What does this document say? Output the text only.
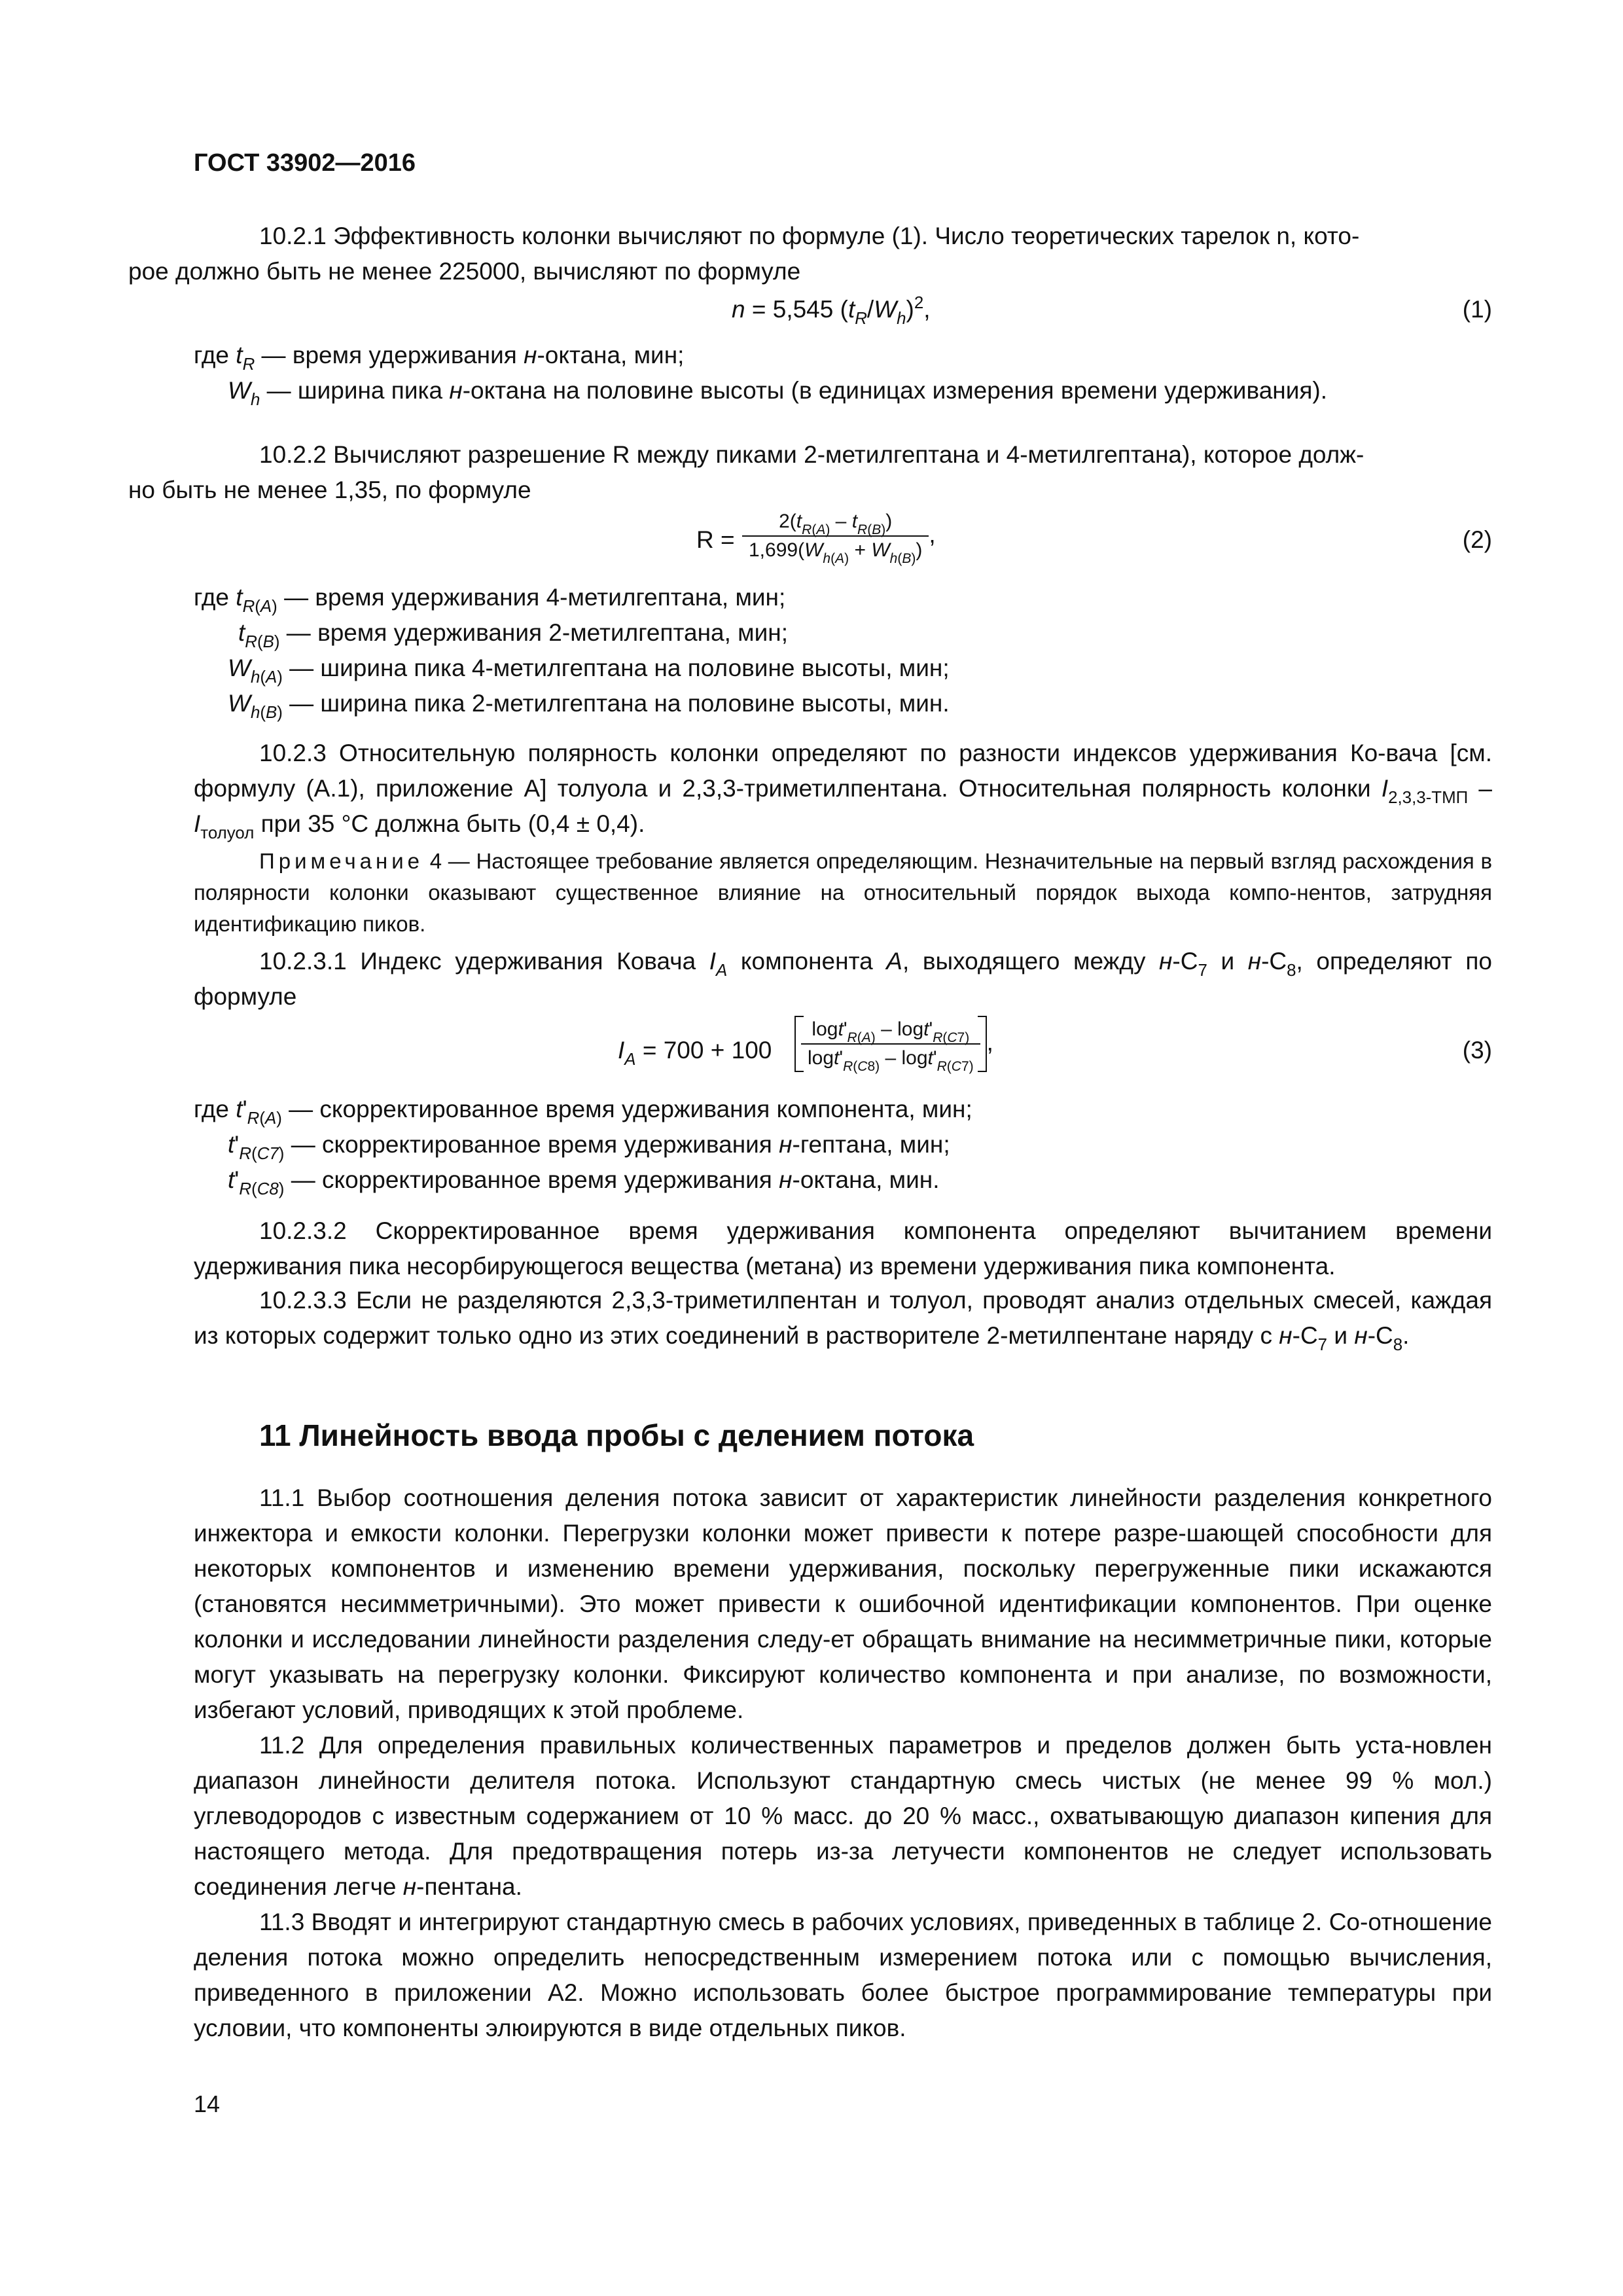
ГОСТ 33902—2016

10.2.1 Эффективность колонки вычисляют по формуле (1). Число теоретических тарелок n, кото-
рое должно быть не менее 225000, вычисляют по формуле

n = 5,545 $(t_R/W_h)^2$,	(1)
где $t_R$ — время удерживания н-октана, мин;
$W_h$ — ширина пика н-октана на половине высоты (в единицах измерения времени удерживания).

10.2.2 Вычисляют разрешение R между пиками 2-метилгептана и 4-метилгептана), которое долж-
но быть не менее 1,35, по формуле

$R = \frac{2(t_{R(A)} - t_{R(B)})}{1,699(W_{h(A)} + W_{h(B)})}$ ,	(2)
где $t_{R(A)}$ — время удерживания 4-метилгептана, мин;
$t_{R(B)}$ — время удерживания 2-метилгептана, мин;
$W_{h(A)}$ — ширина пика 4-метилгептана на половине высоты, мин;
$W_{h(B)}$ — ширина пика 2-метилгептана на половине высоты, мин.

10.2.3 Относительную полярность колонки определяют по разности индексов удерживания Ко-вача [см. формулу (А.1), приложение А] толуола и 2,3,3-триметилпентана. Относительная полярность колонки $I_{2,3,3-ТМП} - I_{толуол}$ при 35 °С должна быть (0,4 ± 0,4).

Примечание 4 — Настоящее требование является определяющим. Незначительные на первый взгляд расхождения в полярности колонки оказывают существенное влияние на относительный порядок выхода компо-нентов, затрудняя идентификацию пиков.

10.2.3.1 Индекс удерживания Ковача $I_A$ компонента A, выходящего между $н-C_7$ и $н-C_8$, определяют по формуле

$I_A = 700 + 100 \frac{\log t'_{R(A)} - \log t'_{R(C7)}}{\log t'_{R(C8)} - \log t'_{R(C7)}}$ ,	(3)
где $t'_{R(A)}$ — скорректированное время удерживания компонента, мин;
$t'_{R(C7)}$ — скорректированное время удерживания н-гептана, мин;
$t'_{R(C8)}$ — скорректированное время удерживания н-октана, мин.

10.2.3.2 Скорректированное время удерживания компонента определяют вычитанием времени удерживания пика несорбирующегося вещества (метана) из времени удерживания пика компонента.

10.2.3.3 Если не разделяются 2,3,3-триметилпентан и толуол, проводят анализ отдельных смесей, каждая из которых содержит только одно из этих соединений в растворителе 2-метилпентане наряду с $н-C_7$ и $н-C_8$.

11 Линейность ввода пробы с делением потока

11.1 Выбор соотношения деления потока зависит от характеристик линейности разделения конкретного инжектора и емкости колонки. Перегрузки колонки может привести к потере разре-шающей способности для некоторых компонентов и изменению времени удерживания, поскольку перегруженные пики искажаются (становятся несимметричными). Это может привести к ошибочной идентификации компонентов. При оценке колонки и исследовании линейности разделения следу-ет обращать внимание на несимметричные пики, которые могут указывать на перегрузку колонки. Фиксируют количество компонента и при анализе, по возможности, избегают условий, приводящих к этой проблеме.

11.2 Для определения правильных количественных параметров и пределов должен быть уста-новлен диапазон линейности делителя потока. Используют стандартную смесь чистых (не менее 99 % мол.) углеводородов с известным содержанием от 10 % масс. до 20 % масс., охватывающую диапазон кипения для настоящего метода. Для предотвращения потерь из-за летучести компонентов не следует использовать соединения легче н-пентана.

11.3 Вводят и интегрируют стандартную смесь в рабочих условиях, приведенных в таблице 2. Со-отношение деления потока можно определить непосредственным измерением потока или с помощью вычисления, приведенного в приложении А2. Можно использовать более быстрое программирование температуры при условии, что компоненты элюируются в виде отдельных пиков.

14
